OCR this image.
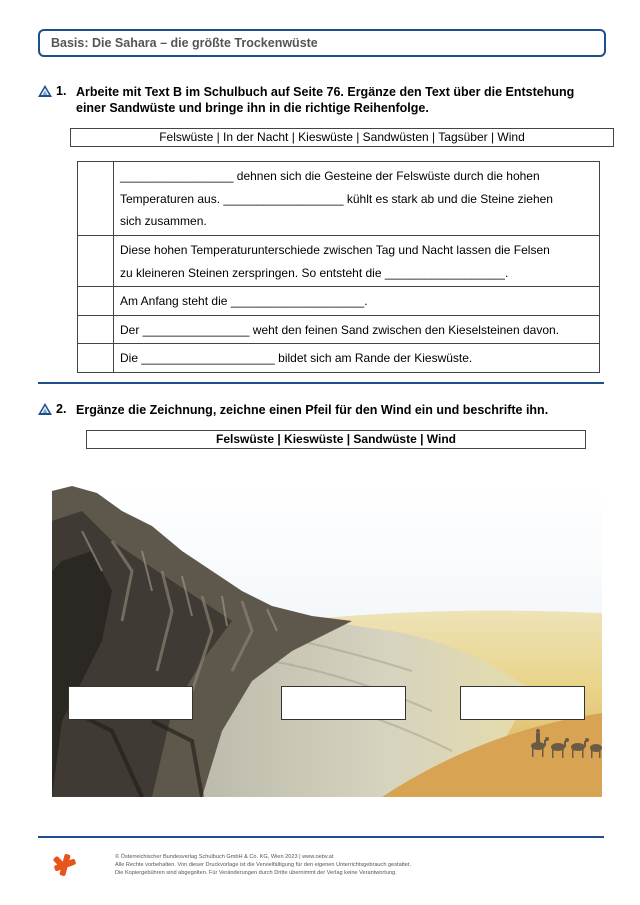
Basis: Die Sahara – die größte Trockenwüste
1. Arbeite mit Text B im Schulbuch auf Seite 76. Ergänze den Text über die Entstehung
einer Sandwüste und bringe ihn in die richtige Reihenfolge.
Felswüste | In der Nacht | Kieswüste | Sandwüsten | Tagsüber | Wind

	_________________ dehnen sich die Gesteine der Felswüste durch die hohen
Temperaturen aus. __________________ kühlt es stark ab und die Steine ziehen
sich zusammen.

	Diese hohen Temperaturunterschiede zwischen Tag und Nacht lassen die Felsen
zu kleineren Steinen zerspringen. So entsteht die __________________.

	Am Anfang steht die ____________________.

	Der ________________ weht den feinen Sand zwischen den Kieselsteinen davon.

	Die ____________________ bildet sich am Rande der Kieswüste.
2. Ergänze die Zeichnung, zeichne einen Pfeil für den Wind ein und beschrifte ihn.
Felswüste | Kieswüste | Sandwüste | Wind
© Österreichischer Bundesverlag Schulbuch GmbH & Co. KG, Wien 2023 | www.oebv.at
Alle Rechte vorbehalten. Von dieser Druckvorlage ist die Vervielfältigung für den eigenen Unterrichtsgebrauch gestattet.
Die Kopiergebühren sind abgegolten. Für Veränderungen durch Dritte übernimmt der Verlag keine Verantwortung.
